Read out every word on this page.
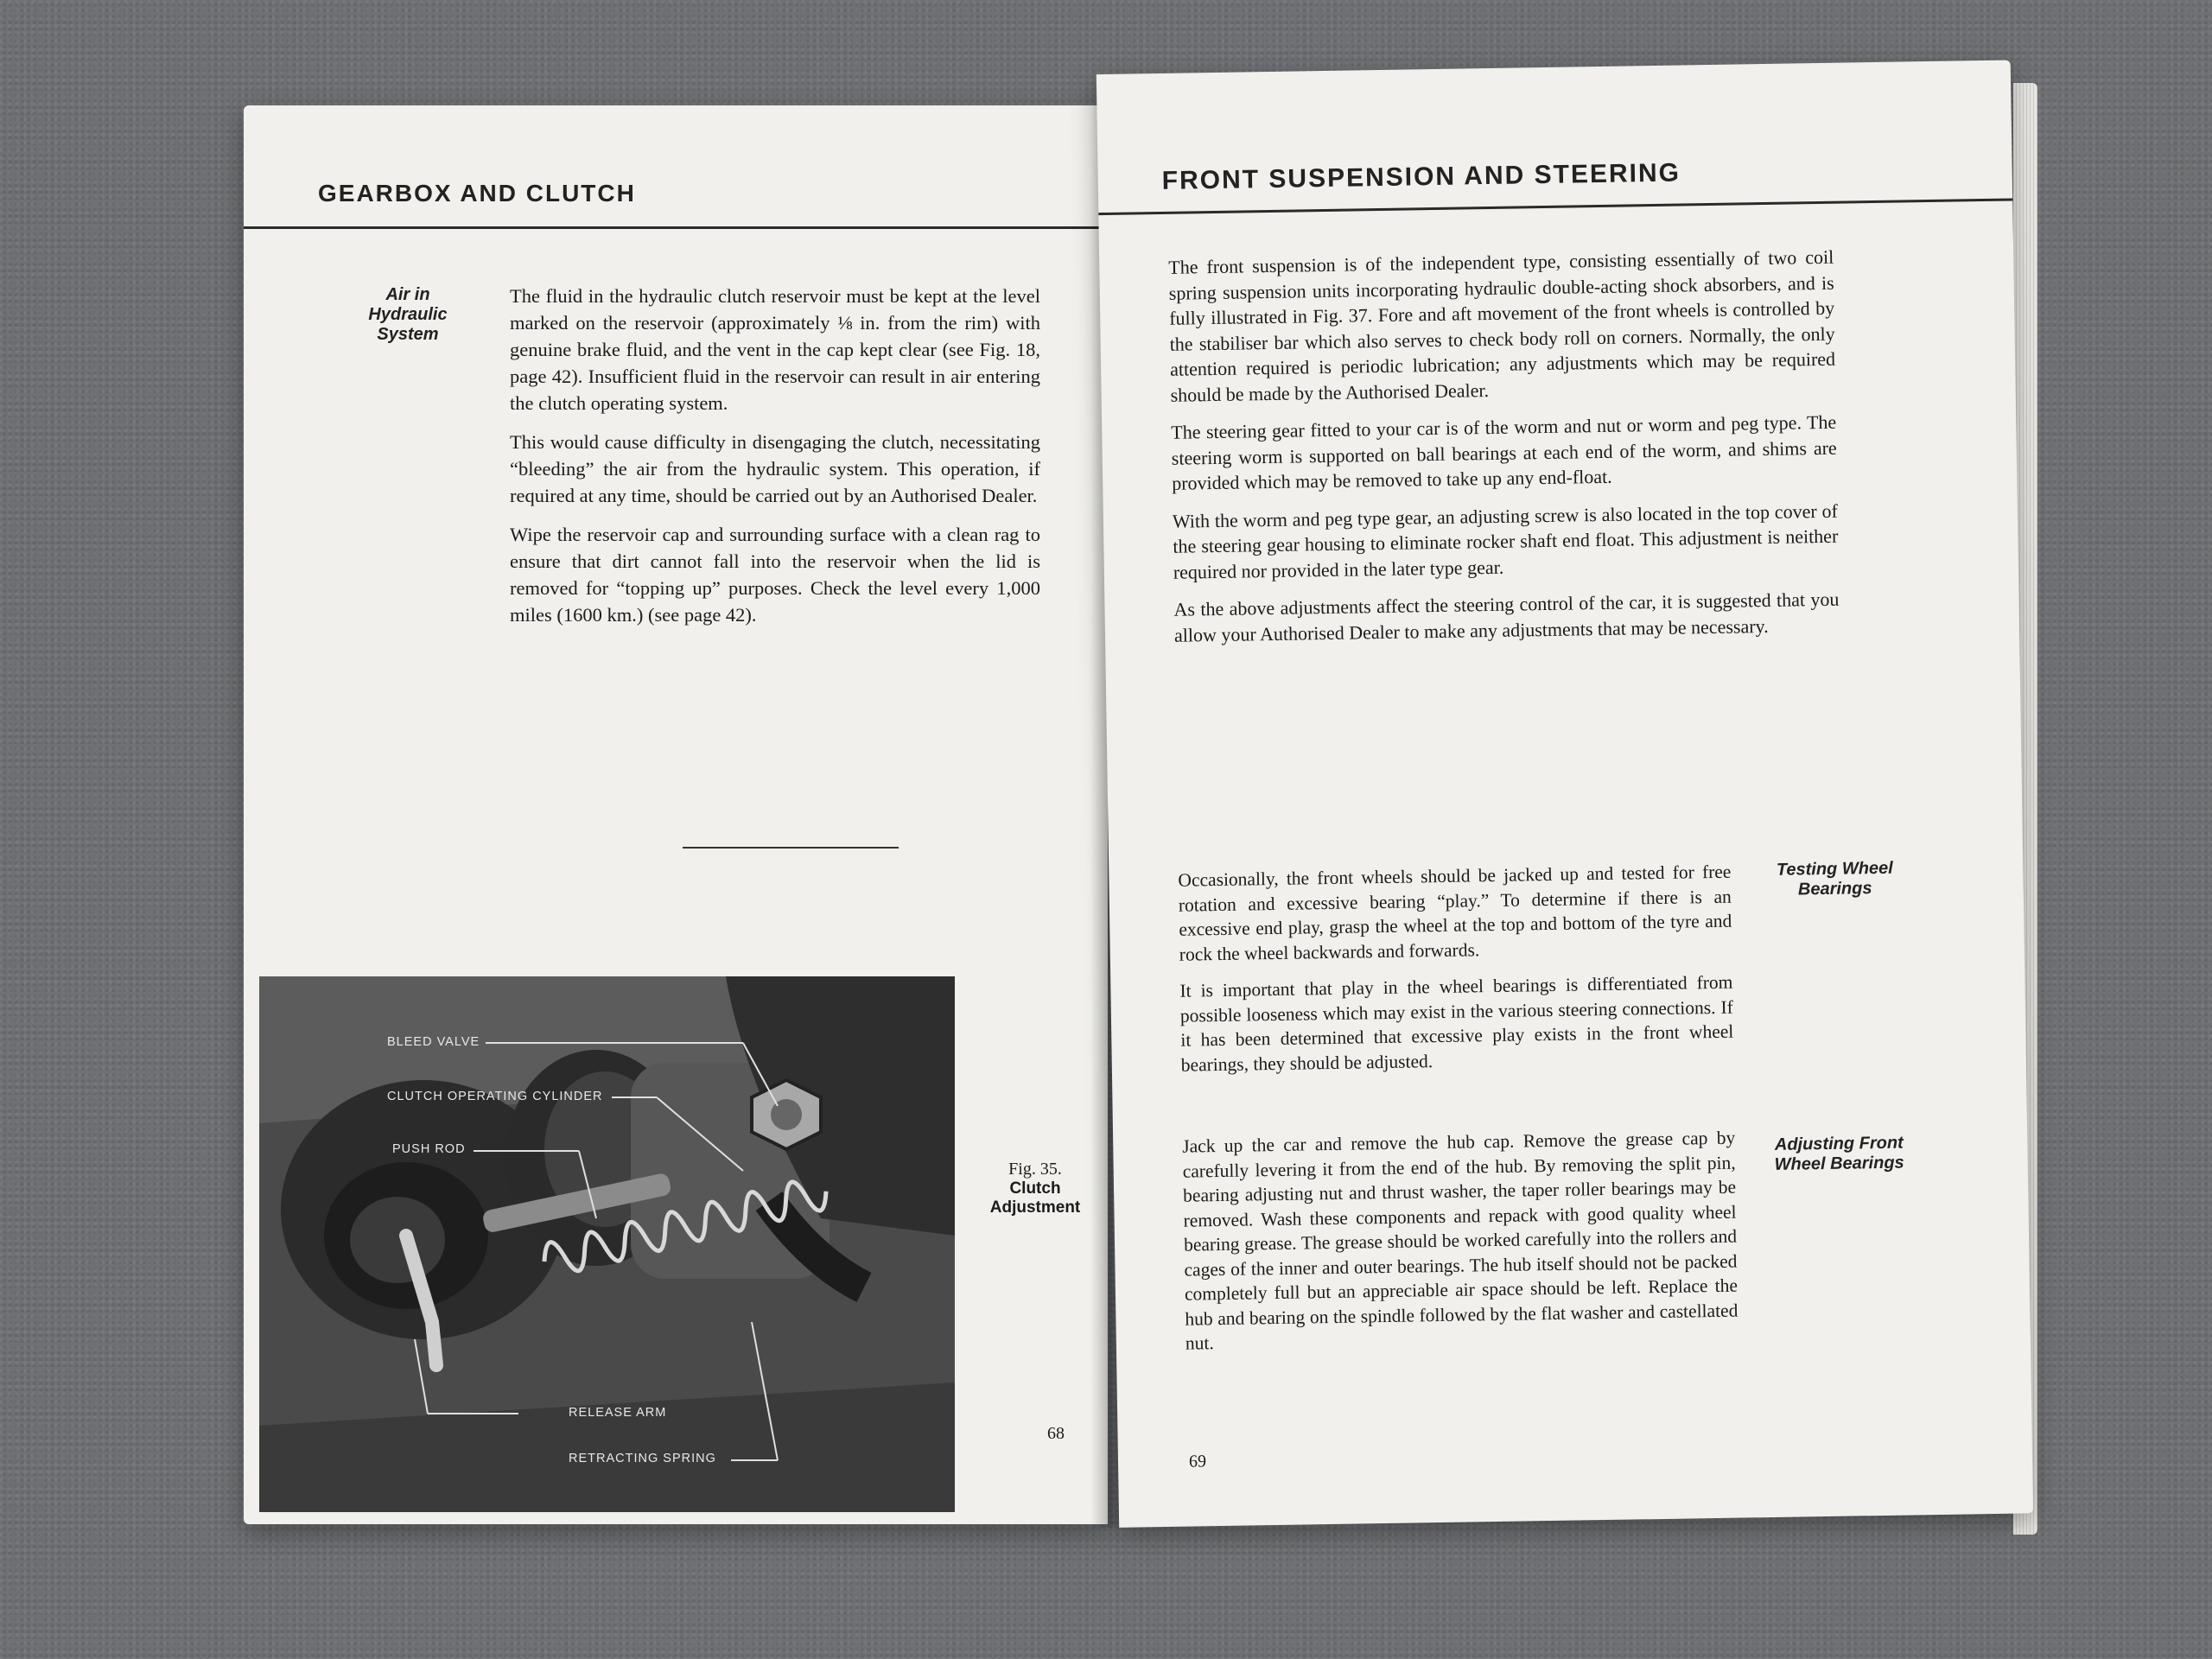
GEARBOX AND CLUTCH
Air in Hydraulic System

The fluid in the hydraulic clutch reservoir must be kept at the level marked on the reservoir (approximately ⅛ in. from the rim) with genuine brake fluid, and the vent in the cap kept clear (see Fig. 18, page 42). Insufficient fluid in the reservoir can result in air entering the clutch operating system.

This would cause difficulty in disengaging the clutch, necessitating “bleeding” the air from the hydraulic system. This operation, if required at any time, should be carried out by an Authorised Dealer.

Wipe the reservoir cap and surrounding surface with a clean rag to ensure that dirt cannot fall into the reservoir when the lid is removed for “topping up” purposes. Check the level every 1,000 miles (1600 km.) (see page 42).

68
BLEED VALVE
CLUTCH OPERATING CYLINDER
PUSH ROD
RELEASE ARM
RETRACTING SPRING
Fig. 35.
Clutch Adjustment
FRONT SUSPENSION AND STEERING

The front suspension is of the independent type, consisting essentially of two coil spring suspension units incorporating hydraulic double-acting shock absorbers, and is fully illustrated in Fig. 37. Fore and aft movement of the front wheels is controlled by the stabiliser bar which also serves to check body roll on corners. Normally, the only attention required is periodic lubrication; any adjustments which may be required should be made by the Authorised Dealer.

The steering gear fitted to your car is of the worm and nut or worm and peg type. The steering worm is supported on ball bearings at each end of the worm, and shims are provided which may be removed to take up any end-float.

With the worm and peg type gear, an adjusting screw is also located in the top cover of the steering gear housing to eliminate rocker shaft end float. This adjustment is neither required nor provided in the later type gear.

As the above adjustments affect the steering control of the car, it is suggested that you allow your Authorised Dealer to make any adjustments that may be necessary.

Occasionally, the front wheels should be jacked up and tested for free rotation and excessive bearing “play.” To determine if there is an excessive end play, grasp the wheel at the top and bottom of the tyre and rock the wheel backwards and forwards.

It is important that play in the wheel bearings is differentiated from possible looseness which may exist in the various steering connections. If it has been determined that excessive play exists in the front wheel bearings, they should be adjusted.

Testing Wheel Bearings

Jack up the car and remove the hub cap. Remove the grease cap by carefully levering it from the end of the hub. By removing the split pin, bearing adjusting nut and thrust washer, the taper roller bearings may be removed. Wash these components and repack with good quality wheel bearing grease. The grease should be worked carefully into the rollers and cages of the inner and outer bearings. The hub itself should not be packed completely full but an appreciable air space should be left. Replace the hub and bearing on the spindle followed by the flat washer and castellated nut.

Adjusting Front Wheel Bearings
69
